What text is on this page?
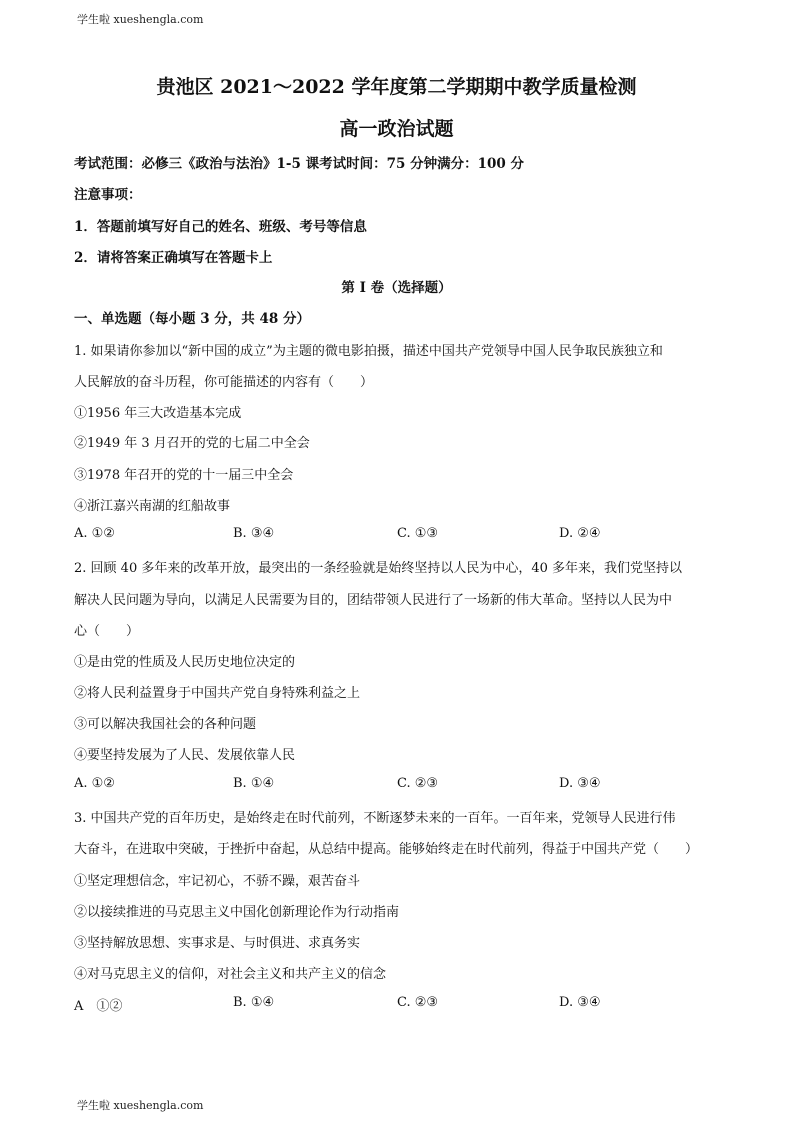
学生啦 xueshengla.com
贵池区 2021～2022 学年度第二学期期中教学质量检测
高一政治试题
考试范围：必修三《政治与法治》1-5 课考试时间：75 分钟满分：100 分
注意事项：
1．答题前填写好自己的姓名、班级、考号等信息
2．请将答案正确填写在答题卡上
第 I 卷（选择题）
一、单选题（每小题 3 分，共 48 分）
1. 如果请你参加以“新中国的成立”为主题的微电影拍摄，描述中国共产党领导中国人民争取民族独立和
人民解放的奋斗历程，你可能描述的内容有（　　）
①1956 年三大改造基本完成
②1949 年 3 月召开的党的七届二中全会
③1978 年召开的党的十一届三中全会
④浙江嘉兴南湖的红船故事
A. ①②	B. ③④	C. ①③	D. ②④
2. 回顾 40 多年来的改革开放，最突出的一条经验就是始终坚持以人民为中心，40 多年来，我们党坚持以
解决人民问题为导向，以满足人民需要为目的，团结带领人民进行了一场新的伟大革命。坚持以人民为中
心（　　）
①是由党的性质及人民历史地位决定的
②将人民利益置身于中国共产党自身特殊利益之上
③可以解决我国社会的各种问题
④要坚持发展为了人民、发展依靠人民
A. ①②	B. ①④	C. ②③	D. ③④
3. 中国共产党的百年历史，是始终走在时代前列，不断逐梦未来的一百年。一百年来，党领导人民进行伟
大奋斗，在进取中突破，于挫折中奋起，从总结中提高。能够始终走在时代前列，得益于中国共产党（　　）
①坚定理想信念，牢记初心，不骄不躁，艰苦奋斗
②以接续推进的马克思主义中国化创新理论作为行动指南
③坚持解放思想、实事求是、与时俱进、求真务实
④对马克思主义的信仰，对社会主义和共产主义的信念
A　①②	B. ①④	C. ②③	D. ③④
学生啦 xueshengla.com
